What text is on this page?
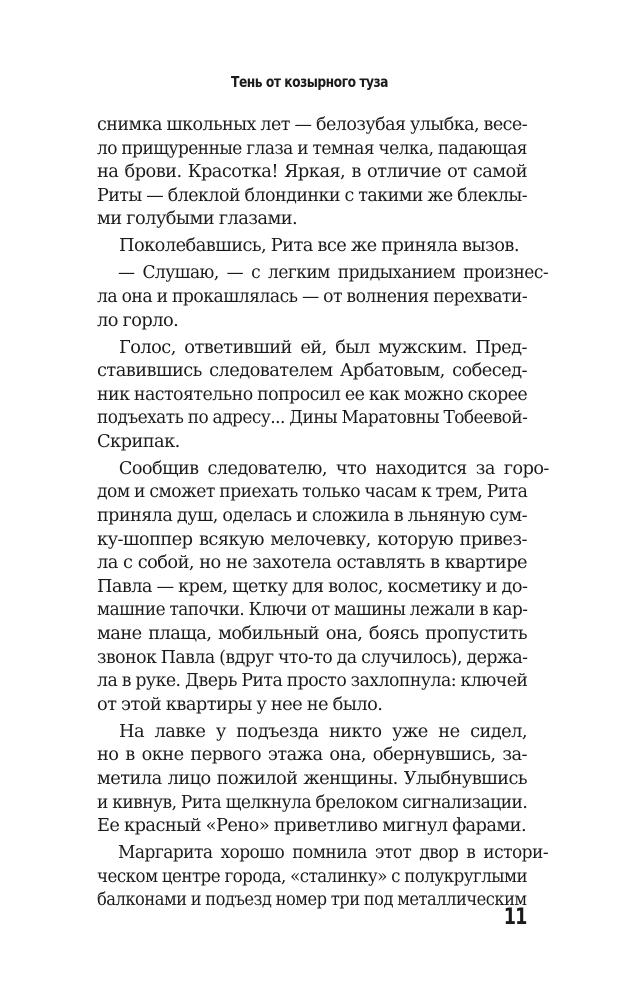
Тень от козырного туза
снимка школьных лет — белозубая улыбка, весе-
ло прищуренные глаза и темная челка, падающая
на брови. Красотка! Яркая, в отличие от самой
Риты — блеклой блондинки с такими же блеклы-
ми голубыми глазами.
Поколебавшись, Рита все же приняла вызов.
— Слушаю, — с легким придыханием произнес-
ла она и прокашлялась — от волнения перехвати-
ло горло.
Голос, ответивший ей, был мужским. Пред-
ставившись следователем Арбатовым, собесед-
ник настоятельно попросил ее как можно скорее
подъехать по адресу... Дины Маратовны Тобеевой-
Скрипак.
Сообщив следователю, что находится за горо-
дом и сможет приехать только часам к трем, Рита
приняла душ, оделась и сложила в льняную сум-
ку-шоппер всякую мелочевку, которую привез-
ла с собой, но не захотела оставлять в квартире
Павла — крем, щетку для волос, косметику и до-
машние тапочки. Ключи от машины лежали в кар-
мане плаща, мобильный она, боясь пропустить
звонок Павла (вдруг что-то да случилось), держа-
ла в руке. Дверь Рита просто захлопнула: ключей
от этой квартиры у нее не было.
На лавке у подъезда никто уже не сидел,
но в окне первого этажа она, обернувшись, за-
метила лицо пожилой женщины. Улыбнувшись
и кивнув, Рита щелкнула брелоком сигнализации.
Ее красный «Рено» приветливо мигнул фарами.
Маргарита хорошо помнила этот двор в истори-
ческом центре города, «сталинку» с полукруглыми
балконами и подъезд номер три под металлическим
11
